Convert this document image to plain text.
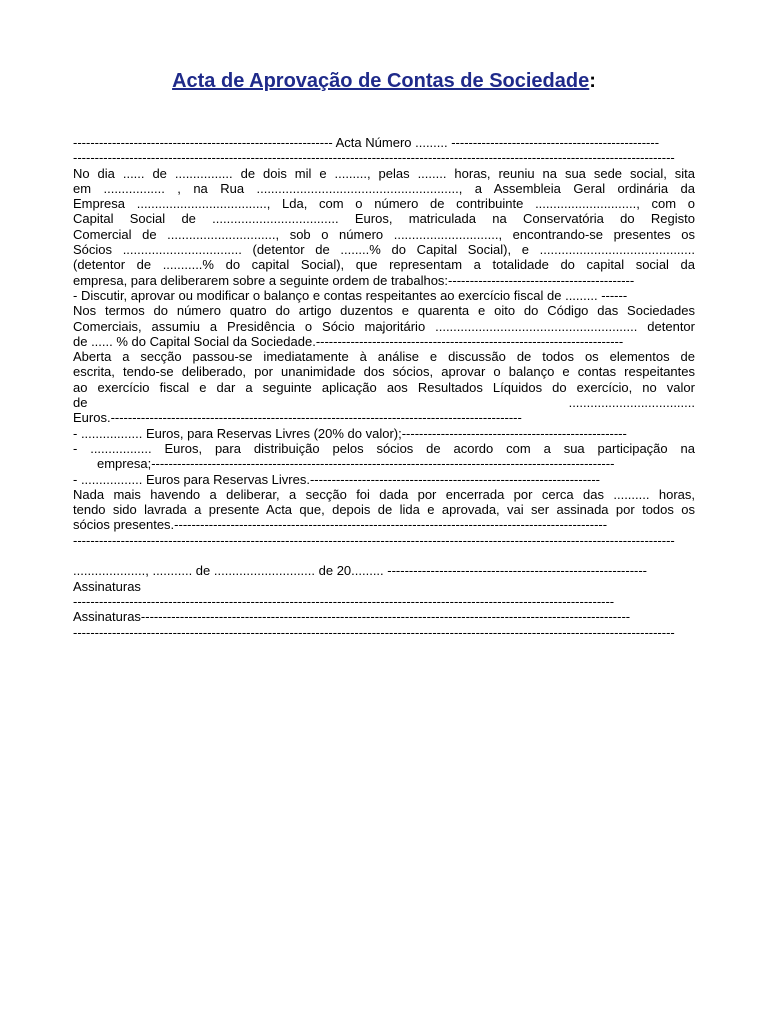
Acta de Aprovação de Contas de Sociedade:
------------------------------------------------------------ Acta Número ......... ------------------------------------------------
-------------------------------------------------------------------------------------------------------------------------------------------
No dia ...... de ................ de dois mil e ........., pelas ........ horas, reuniu na sua sede social, sita
em ................. , na Rua ........................................................, a Assembleia Geral ordinária da
Empresa ...................................., Lda, com o número de contribuinte ............................, com o
Capital Social de ................................... Euros, matriculada na Conservatória do Registo
Comercial de .............................., sob o número ............................., encontrando-se presentes os
Sócios ................................. (detentor de ........% do Capital Social), e ...........................................
(detentor de ...........% do capital Social), que representam a totalidade do capital social da
empresa, para deliberarem sobre a seguinte ordem de trabalhos:-------------------------------------------
- Discutir, aprovar ou modificar o balanço e contas respeitantes ao exercício fiscal de ......... ------
Nos termos do número quatro do artigo duzentos e quarenta e oito do Código das Sociedades
Comerciais, assumiu a Presidência o Sócio majoritário ........................................................ detentor
de ...... % do Capital Social da Sociedade.-----------------------------------------------------------------------
Aberta a secção passou-se imediatamente à análise e discussão de todos os elementos de
escrita, tendo-se deliberado, por unanimidade dos sócios, aprovar o balanço e contas respeitantes
ao exercício fiscal e dar a seguinte aplicação aos Resultados Líquidos do exercício, no valor
de	...................................
Euros.-----------------------------------------------------------------------------------------------
- ................. Euros, para Reservas Livres (20% do valor);----------------------------------------------------
- ................. Euros, para distribuição pelos sócios de acordo com a sua participação na
empresa;-----------------------------------------------------------------------------------------------------------
- ................. Euros para Reservas Livres.-------------------------------------------------------------------
Nada mais havendo a deliberar, a secção foi dada por encerrada por cerca das .......... horas,
tendo sido lavrada a presente Acta que, depois de lida e aprovada, vai ser assinada por todos os
sócios presentes.----------------------------------------------------------------------------------------------------
-------------------------------------------------------------------------------------------------------------------------------------------
...................., ........... de ............................ de 20......... ------------------------------------------------------------
Assinaturas
-----------------------------------------------------------------------------------------------------------------------------
Assinaturas-----------------------------------------------------------------------------------------------------------------
-------------------------------------------------------------------------------------------------------------------------------------------
